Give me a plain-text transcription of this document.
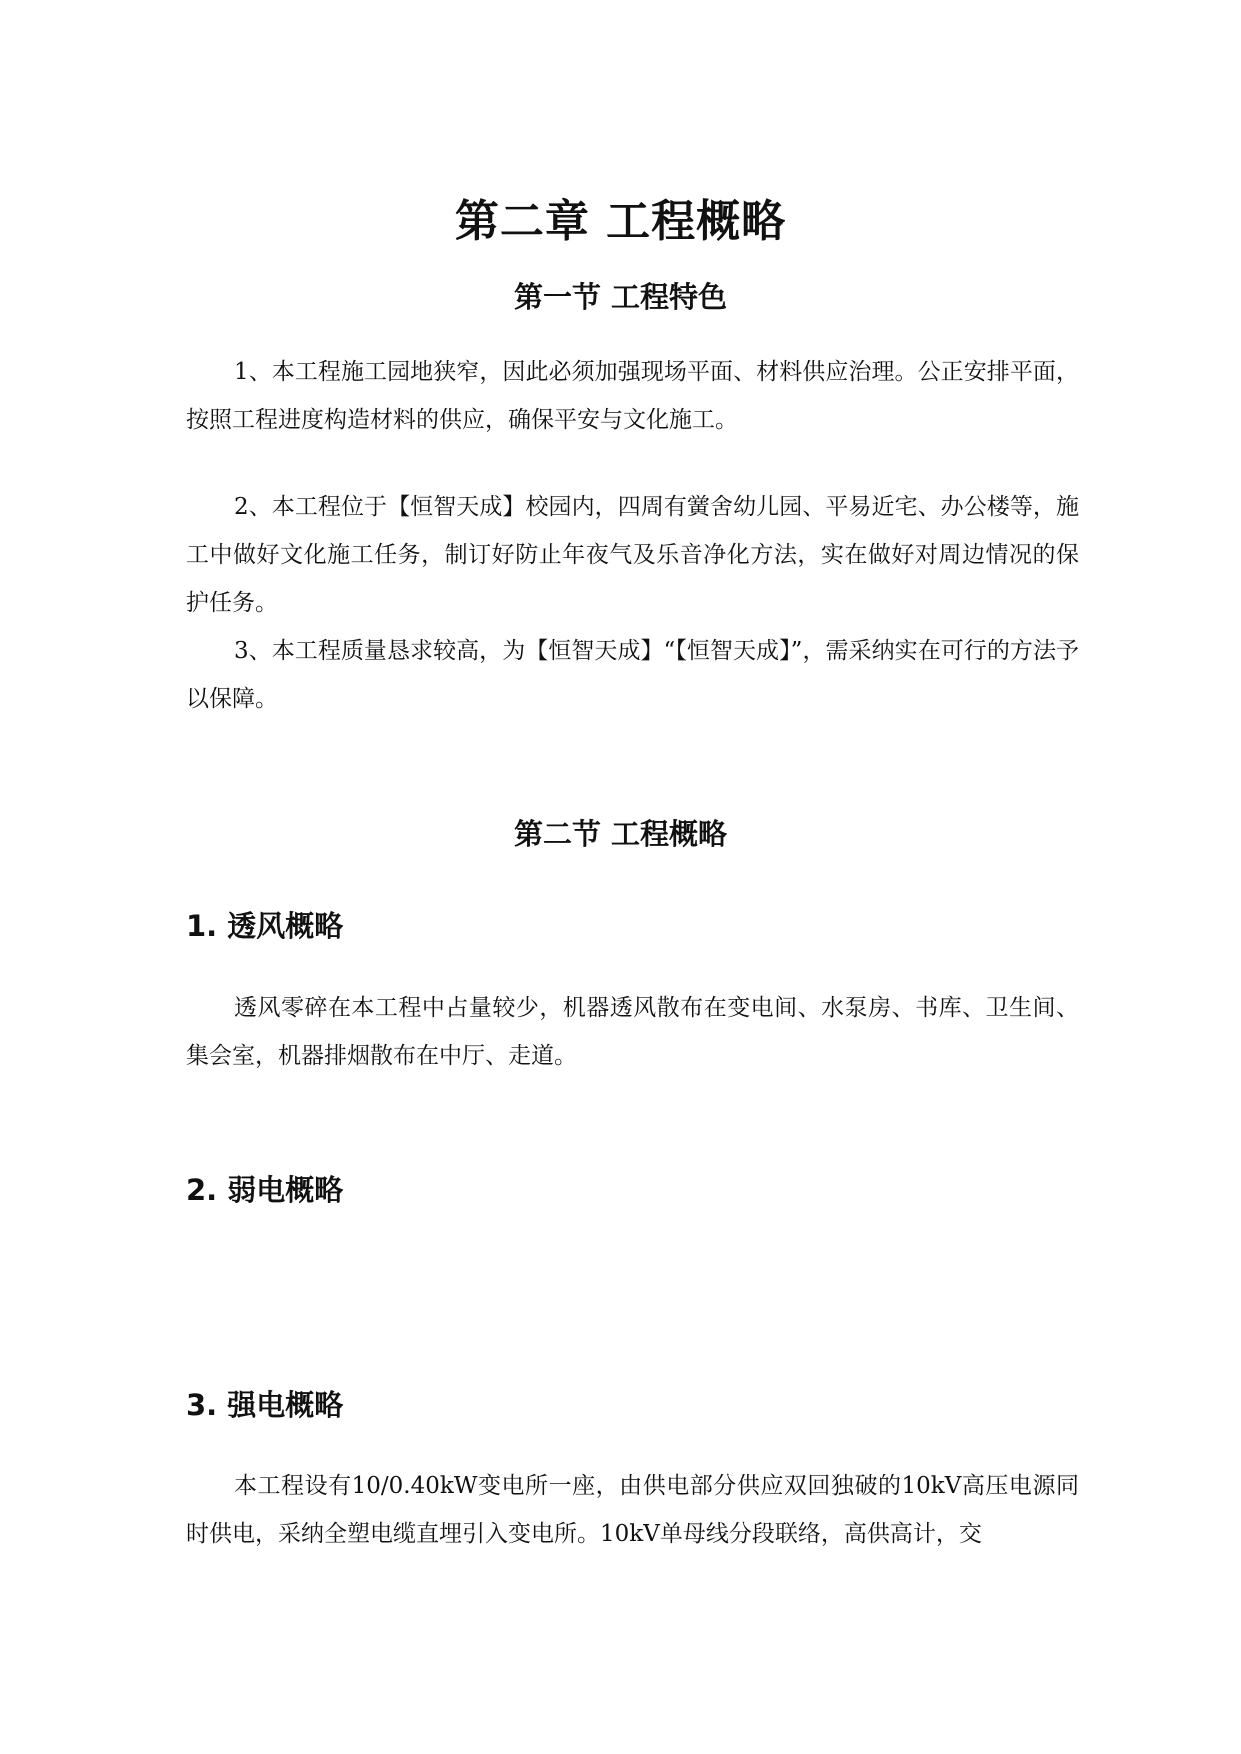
第二章 工程概略
第一节 工程特色

1、本工程施工园地狭窄，因此必须加强现场平面、材料供应治理。公正安排平面，按照工程进度构造材料的供应，确保平安与文化施工。

2、本工程位于【恒智天成】校园内，四周有黉舍幼儿园、平易近宅、办公楼等，施工中做好文化施工任务，制订好防止年夜气及乐音净化方法，实在做好对周边情况的保护任务。

3、本工程质量恳求较高，为【恒智天成】“【恒智天成】”，需采纳实在可行的方法予以保障。

第二节 工程概略
1. 透风概略

透风零碎在本工程中占量较少，机器透风散布在变电间、水泵房、书库、卫生间、集会室，机器排烟散布在中厅、走道。

2. 弱电概略
3. 强电概略

本工程设有10/0.40kW变电所一座，由供电部分供应双回独破的10kV高压电源同时供电，采纳全塑电缆直埋引入变电所。10kV单母线分段联络，高供高计，交
